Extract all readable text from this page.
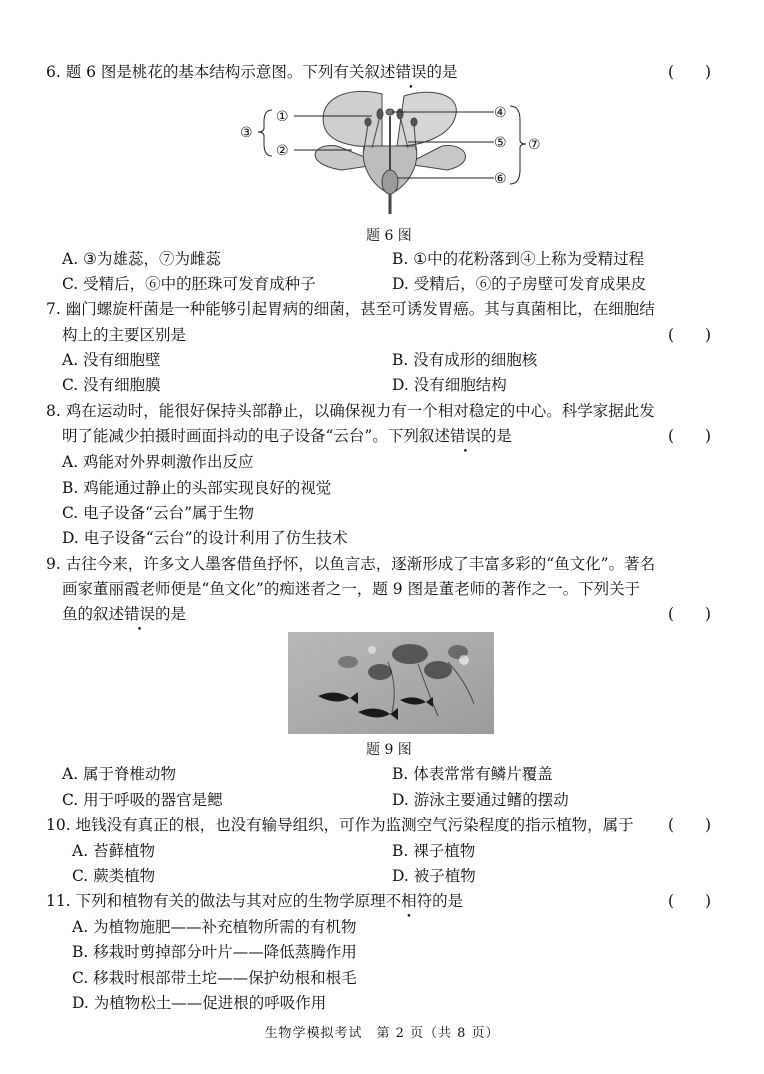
6. 题 6 图是桃花的基本结构示意图。下列有关叙述错误的是	(　　)
①
②
③
④
⑤
⑥
⑦
题 6 图
A. ③为雄蕊，⑦为雌蕊	B. ①中的花粉落到④上称为受精过程
C. 受精后，⑥中的胚珠可发育成种子	D. 受精后，⑥的子房壁可发育成果皮
7. 幽门螺旋杆菌是一种能够引起胃病的细菌，甚至可诱发胃癌。其与真菌相比，在细胞结
构上的主要区别是	(　　)
A. 没有细胞壁	B. 没有成形的细胞核
C. 没有细胞膜	D. 没有细胞结构
8. 鸡在运动时，能很好保持头部静止，以确保视力有一个相对稳定的中心。科学家据此发
明了能减少拍摄时画面抖动的电子设备“云台”。下列叙述错误的是	(　　)
A. 鸡能对外界刺激作出反应
B. 鸡能通过静止的头部实现良好的视觉
C. 电子设备“云台”属于生物
D. 电子设备“云台”的设计利用了仿生技术
9. 古往今来，许多文人墨客借鱼抒怀，以鱼言志，逐渐形成了丰富多彩的“鱼文化”。著名
画家董丽霞老师便是“鱼文化”的痴迷者之一，题 9 图是董老师的著作之一。下列关于
鱼的叙述错误的是	(　　)
题 9 图
A. 属于脊椎动物	B. 体表常常有鳞片覆盖
C. 用于呼吸的器官是鳃	D. 游泳主要通过鳍的摆动
10. 地钱没有真正的根，也没有输导组织，可作为监测空气污染程度的指示植物，属于 (　　)
A. 苔藓植物	B. 裸子植物
C. 蕨类植物	D. 被子植物
11. 下列和植物有关的做法与其对应的生物学原理不相符的是	(　　)
A. 为植物施肥——补充植物所需的有机物
B. 移栽时剪掉部分叶片——降低蒸腾作用
C. 移栽时根部带土坨——保护幼根和根毛
D. 为植物松土——促进根的呼吸作用
生物学模拟考试　第 2 页（共 8 页）
